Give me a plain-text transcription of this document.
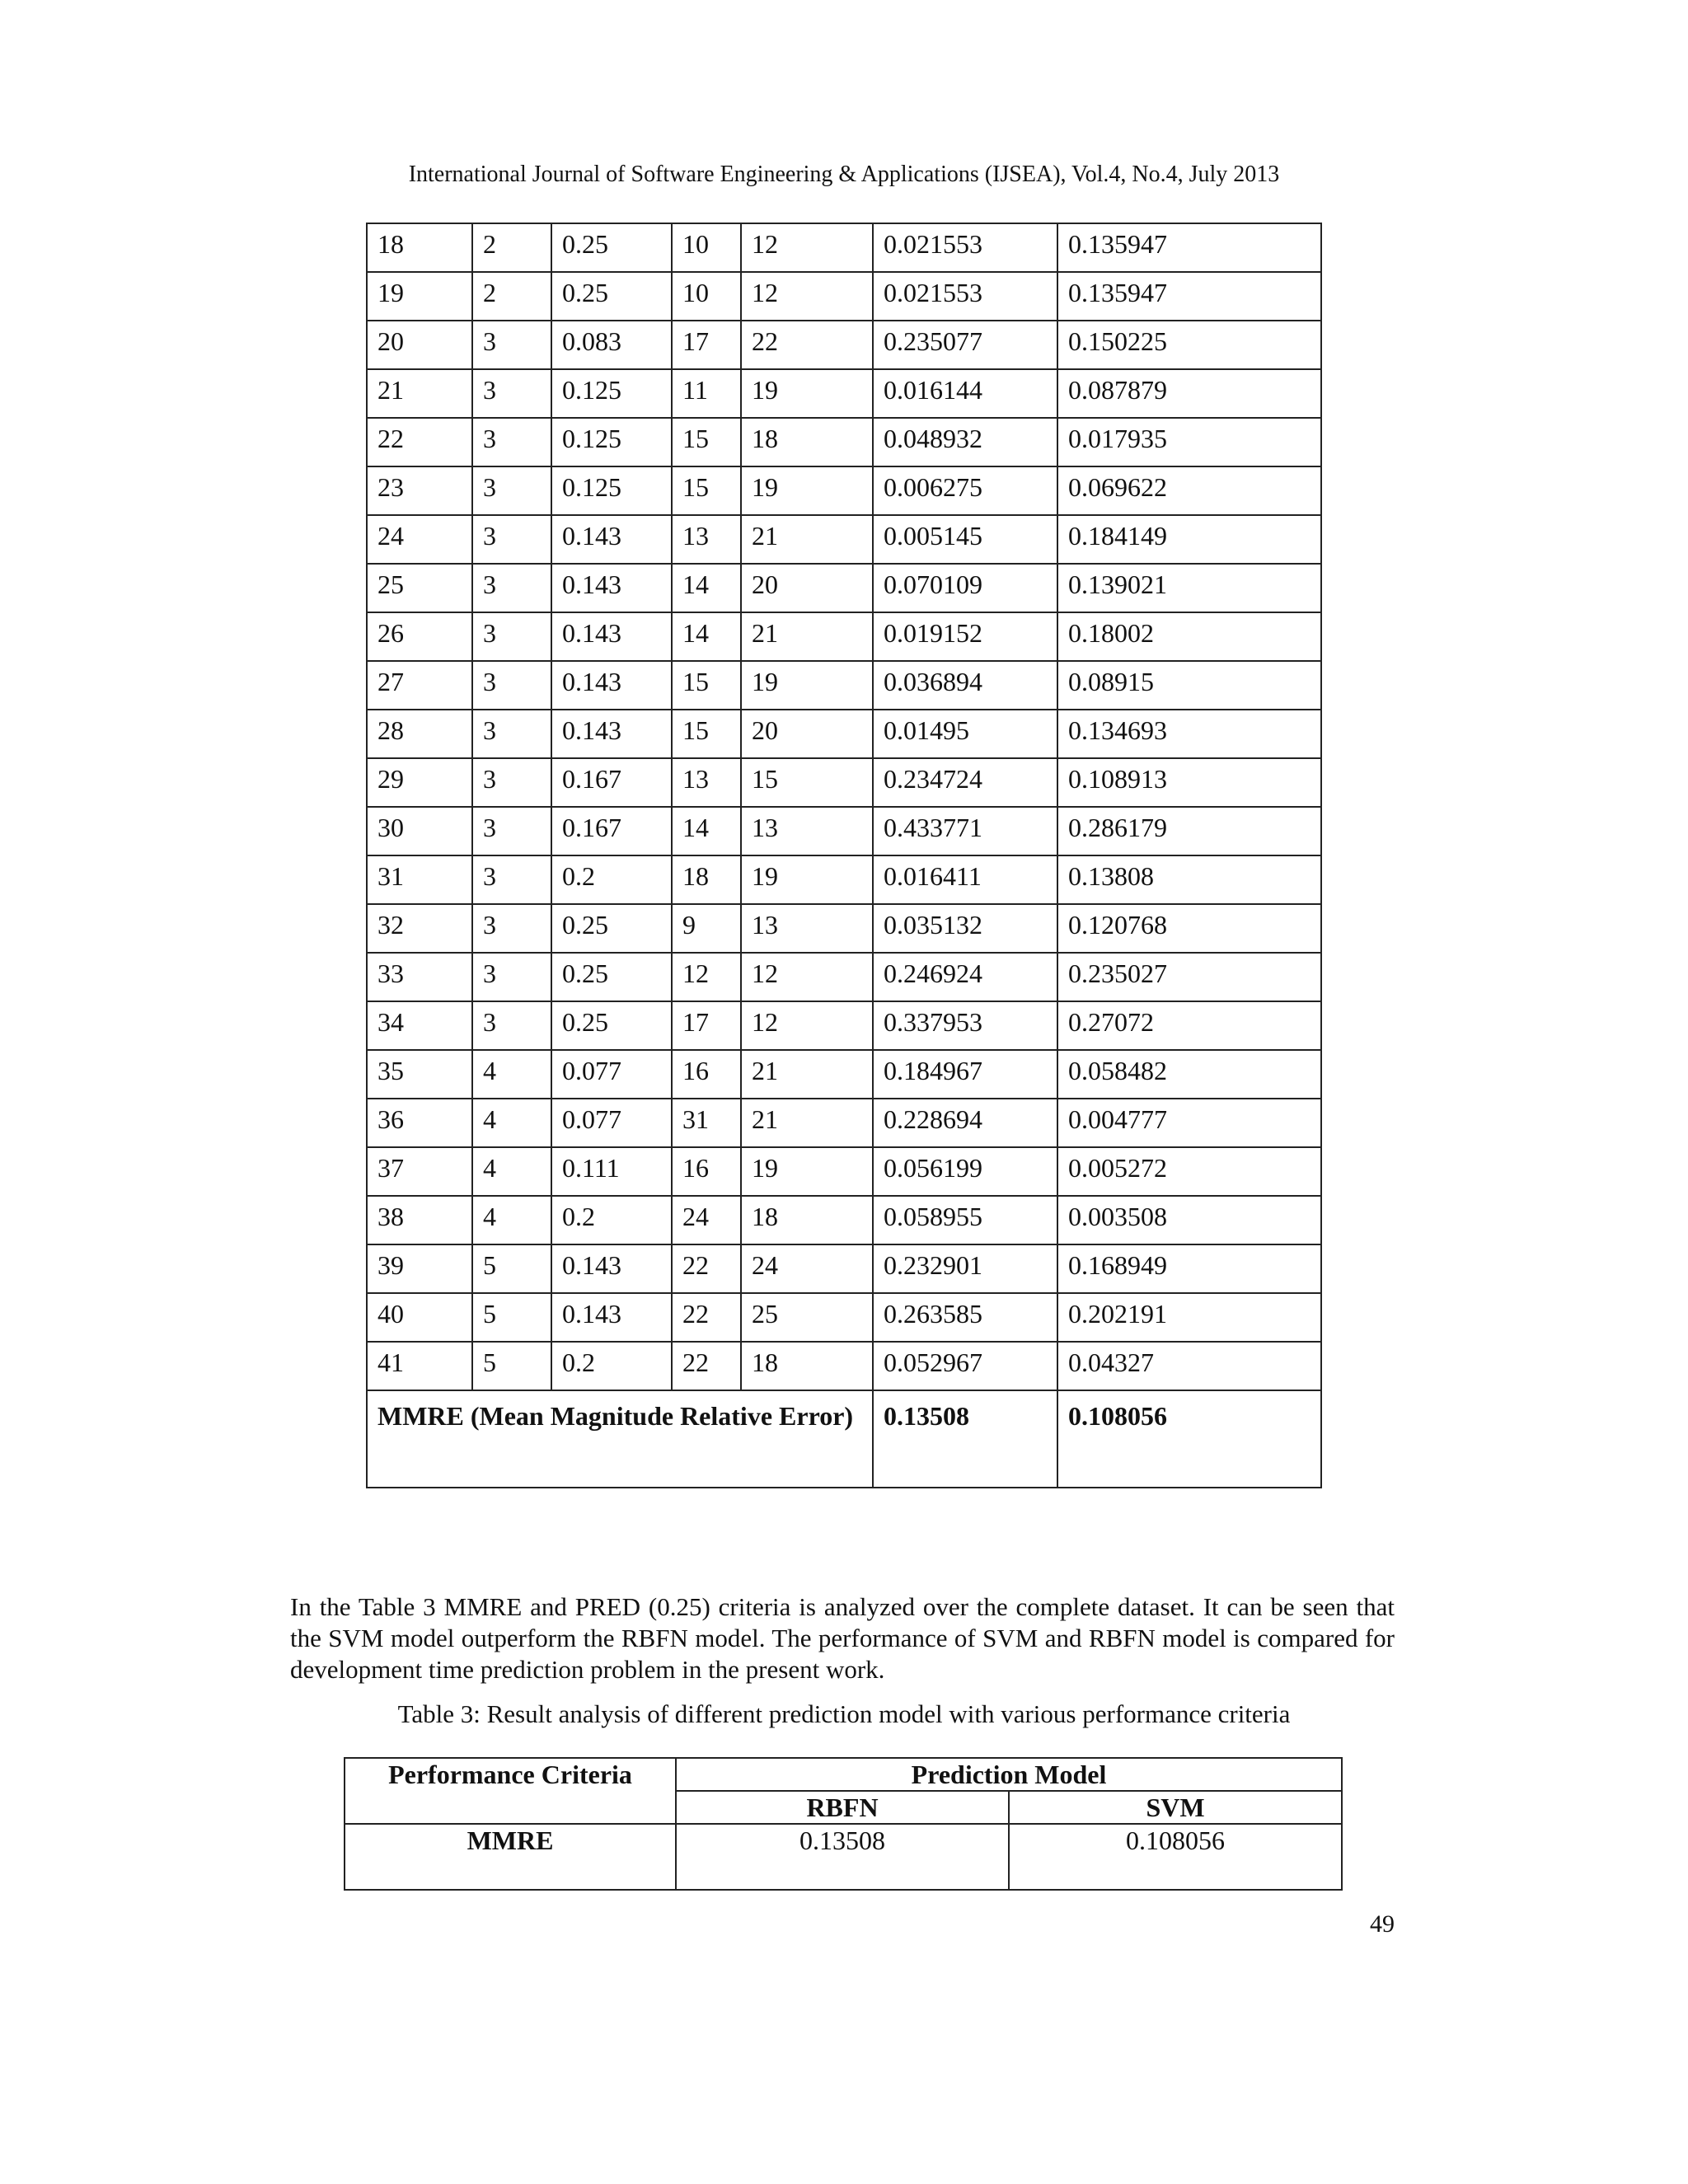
International Journal of Software Engineering & Applications (IJSEA), Vol.4, No.4, July 2013
18	2	0.25	10	12	0.021553	0.135947
19	2	0.25	10	12	0.021553	0.135947
20	3	0.083	17	22	0.235077	0.150225
21	3	0.125	11	19	0.016144	0.087879
22	3	0.125	15	18	0.048932	0.017935
23	3	0.125	15	19	0.006275	0.069622
24	3	0.143	13	21	0.005145	0.184149
25	3	0.143	14	20	0.070109	0.139021
26	3	0.143	14	21	0.019152	0.18002
27	3	0.143	15	19	0.036894	0.08915
28	3	0.143	15	20	0.01495	0.134693
29	3	0.167	13	15	0.234724	0.108913
30	3	0.167	14	13	0.433771	0.286179
31	3	0.2	18	19	0.016411	0.13808
32	3	0.25	9	13	0.035132	0.120768
33	3	0.25	12	12	0.246924	0.235027
34	3	0.25	17	12	0.337953	0.27072
35	4	0.077	16	21	0.184967	0.058482
36	4	0.077	31	21	0.228694	0.004777
37	4	0.111	16	19	0.056199	0.005272
38	4	0.2	24	18	0.058955	0.003508
39	5	0.143	22	24	0.232901	0.168949
40	5	0.143	22	25	0.263585	0.202191
41	5	0.2	22	18	0.052967	0.04327
MMRE (Mean Magnitude Relative Error)					0.13508	0.108056

In the Table 3 MMRE and PRED (0.25) criteria is analyzed over the complete dataset. It can be seen that the SVM model outperform the RBFN model. The performance of SVM and RBFN model is compared for development time prediction problem in the present work.

Table 3: Result analysis of different prediction model with various performance criteria
Performance Criteria	Prediction Model	
	RBFN	SVM
MMRE	0.13508	0.108056
49
